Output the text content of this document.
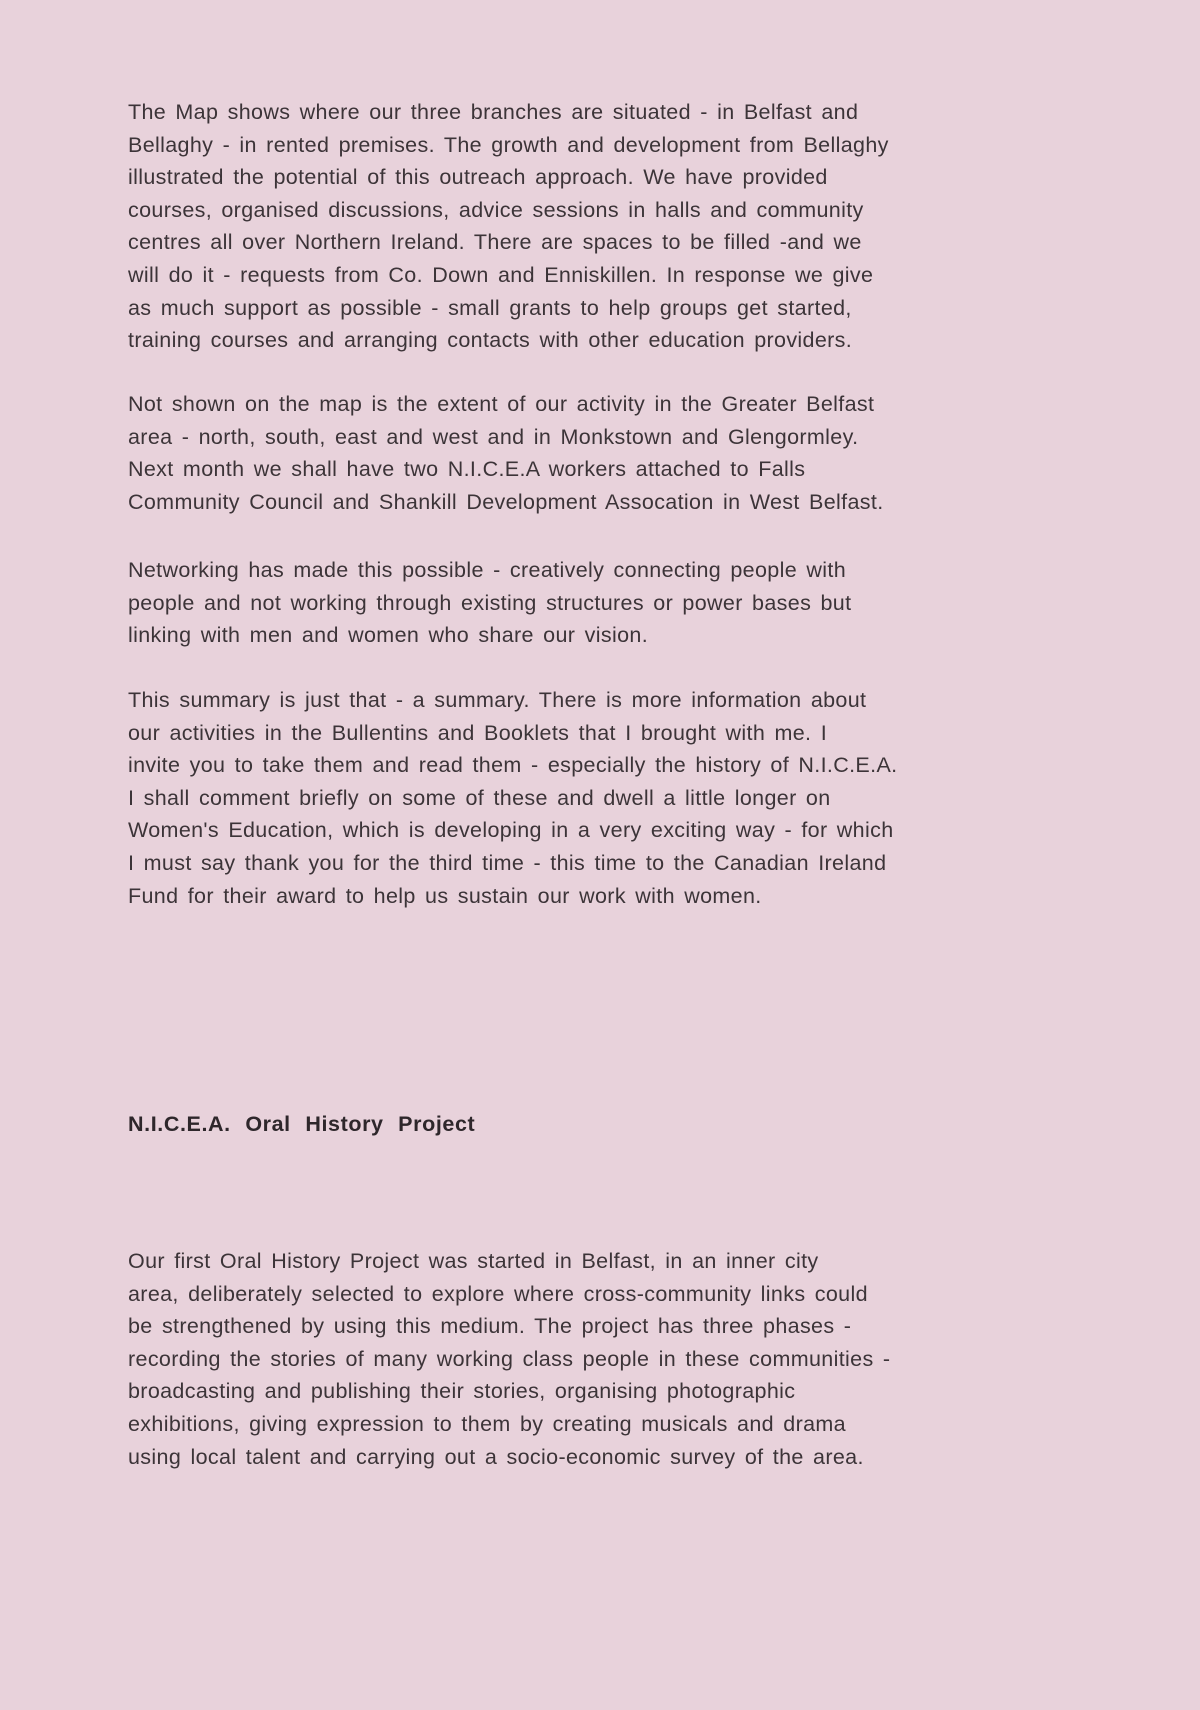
The Map shows where our three branches are situated - in Belfast and
Bellaghy - in rented premises. The growth and development from Bellaghy
illustrated the potential of this outreach approach. We have provided
courses, organised discussions, advice sessions in halls and community
centres all over Northern Ireland. There are spaces to be filled -and we
will do it - requests from Co. Down and Enniskillen. In response we give
as much support as possible - small grants to help groups get started,
training courses and arranging contacts with other education providers.
Not shown on the map is the extent of our activity in the Greater Belfast
area - north, south, east and west and in Monkstown and Glengormley.
Next month we shall have two N.I.C.E.A workers attached to Falls
Community Council and Shankill Development Assocation in West Belfast.
Networking has made this possible - creatively connecting people with
people and not working through existing structures or power bases but
linking with men and women who share our vision.
This summary is just that - a summary. There is more information about
our activities in the Bullentins and Booklets that I brought with me. I
invite you to take them and read them - especially the history of N.I.C.E.A.
I shall comment briefly on some of these and dwell a little longer on
Women's Education, which is developing in a very exciting way - for which
I must say thank you for the third time - this time to the Canadian Ireland
Fund for their award to help us sustain our work with women.
N.I.C.E.A. Oral History Project
Our first Oral History Project was started in Belfast, in an inner city
area, deliberately selected to explore where cross-community links could
be strengthened by using this medium. The project has three phases -
recording the stories of many working class people in these communities -
broadcasting and publishing their stories, organising photographic
exhibitions, giving expression to them by creating musicals and drama
using local talent and carrying out a socio-economic survey of the area.
